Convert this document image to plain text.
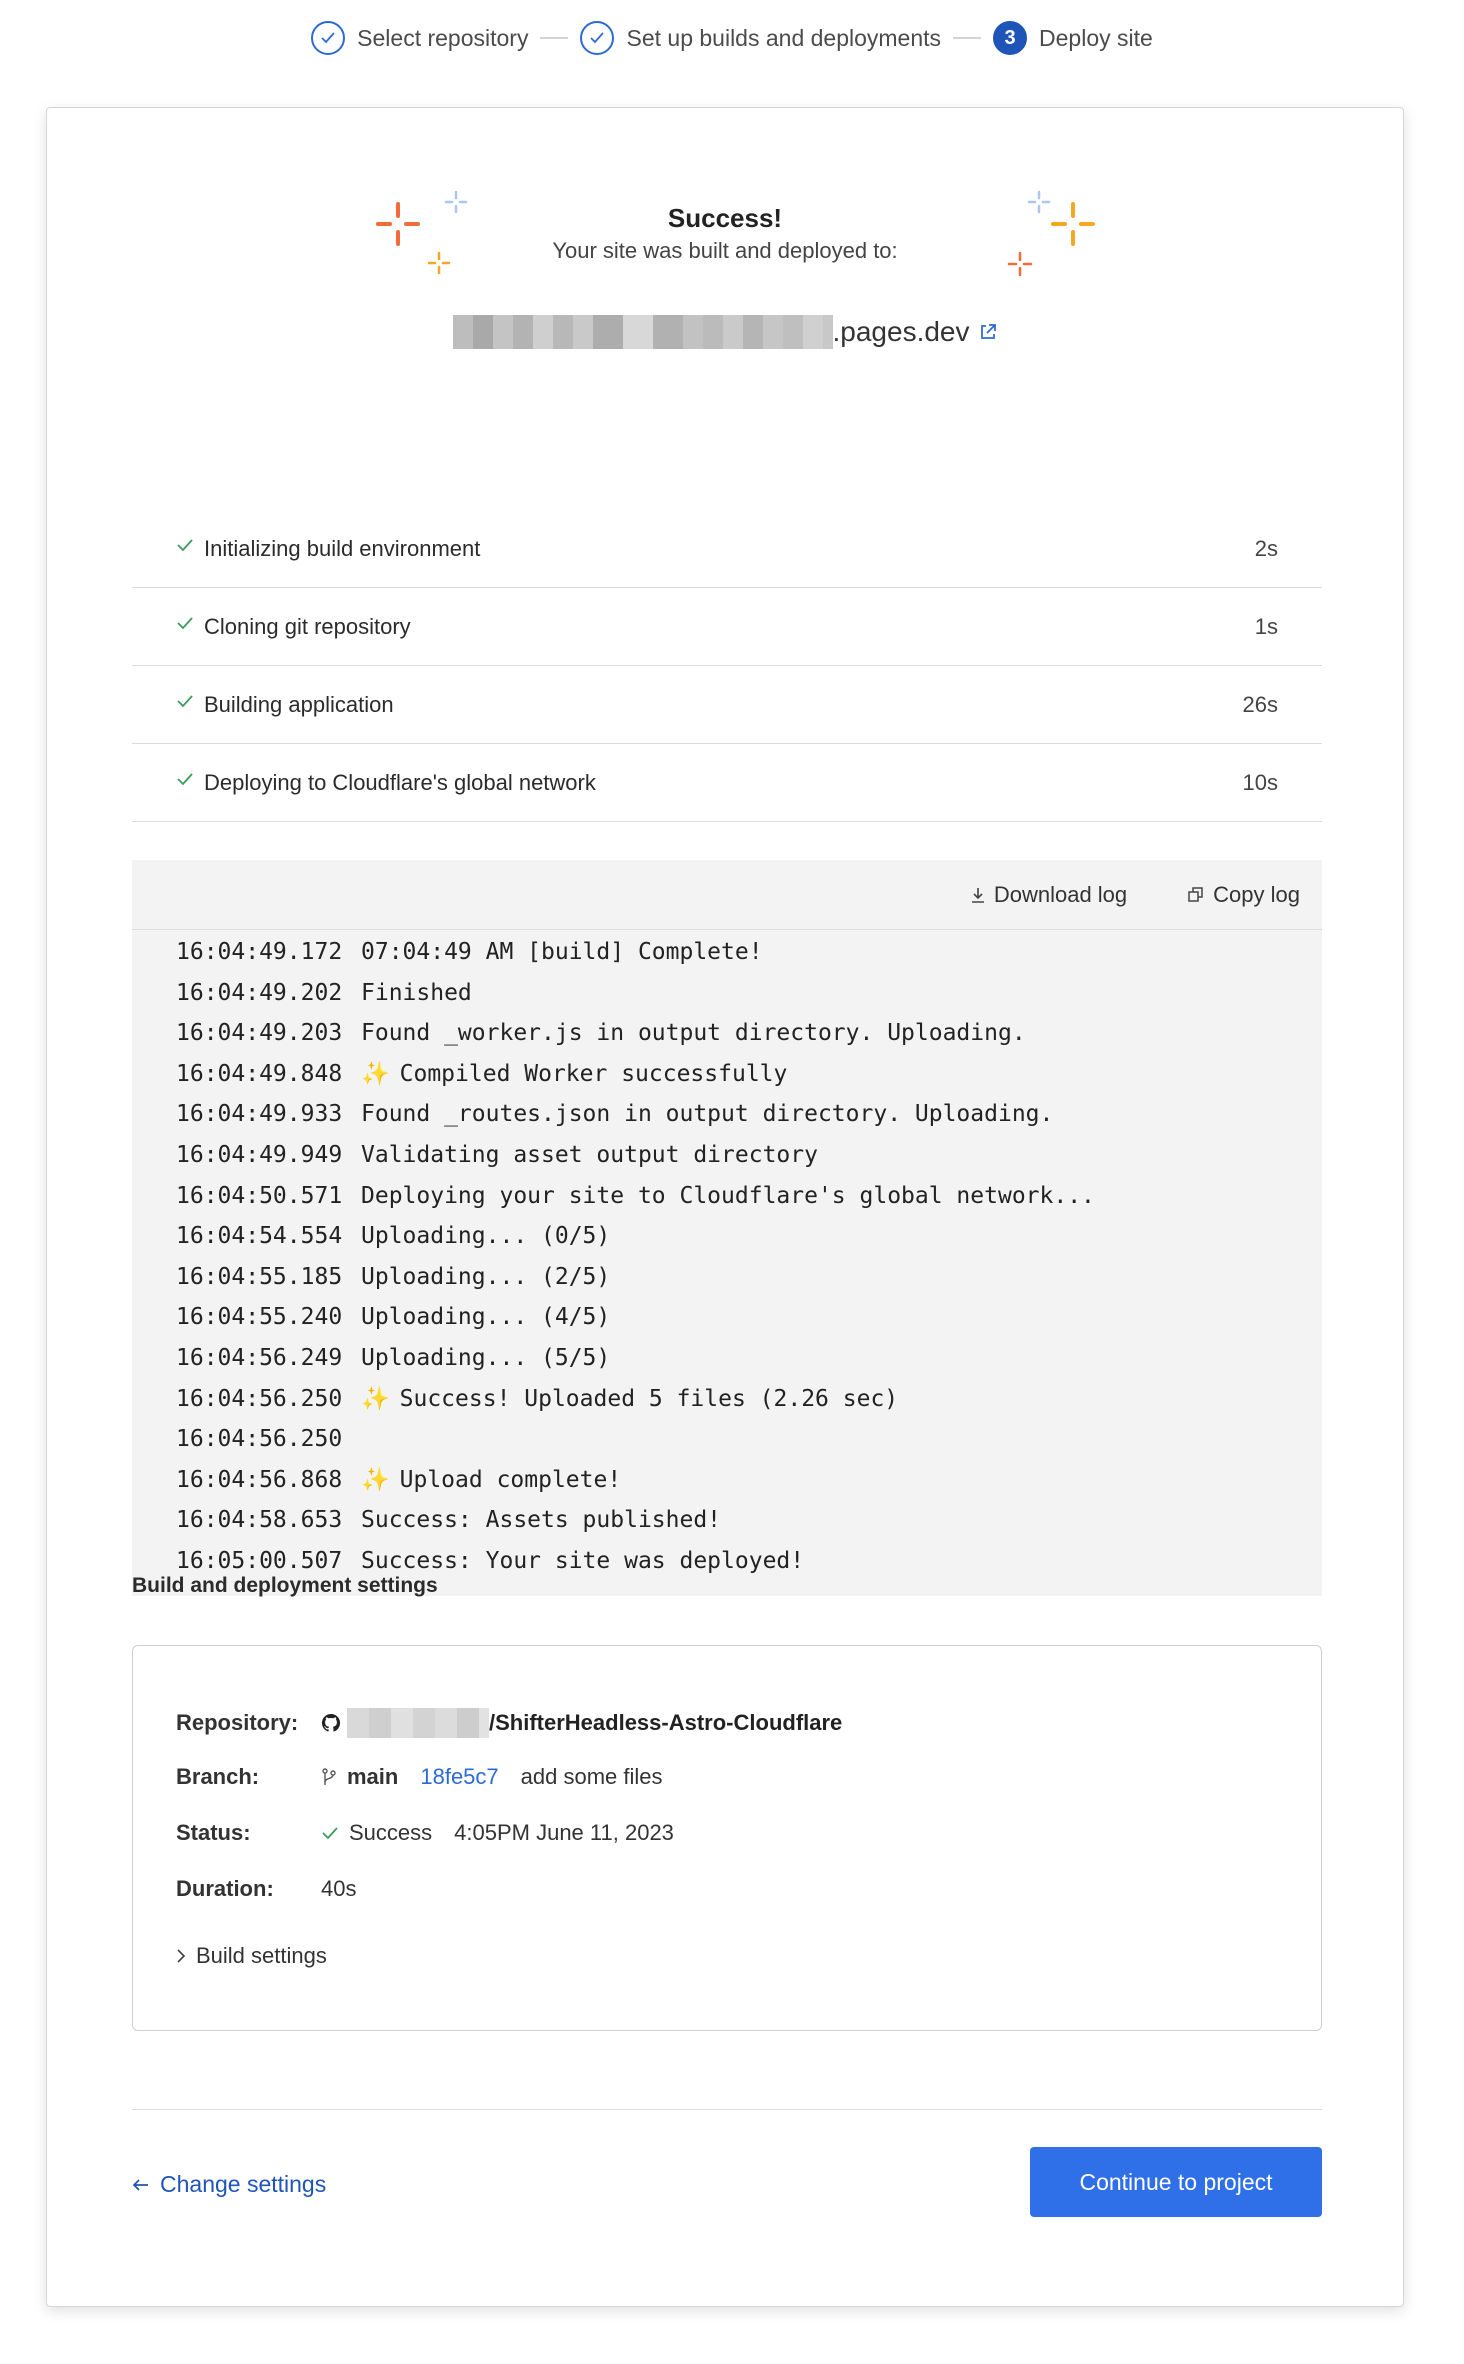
Select repository	Set up builds and deployments	3	Deploy site
Success!
Your site was built and deployed to:
.pages.dev
Initializing build environment	2s
Cloning git repository	1s
Building application	26s
Deploying to Cloudflare's global network	10s
Download log	Copy log
16:04:49.172 07:04:49 AM [build] Complete!
16:04:49.202 Finished
16:04:49.203 Found _worker.js in output directory. Uploading.
16:04:49.848 ✨ Compiled Worker successfully
16:04:49.933 Found _routes.json in output directory. Uploading.
16:04:49.949 Validating asset output directory
16:04:50.571 Deploying your site to Cloudflare's global network...
16:04:54.554 Uploading... (0/5)
16:04:55.185 Uploading... (2/5)
16:04:55.240 Uploading... (4/5)
16:04:56.249 Uploading... (5/5)
16:04:56.250 ✨ Success! Uploaded 5 files (2.26 sec)
16:04:56.250
16:04:56.868 ✨ Upload complete!
16:04:58.653 Success: Assets published!
16:05:00.507 Success: Your site was deployed!
Build and deployment settings
Repository:	/ShifterHeadless-Astro-Cloudflare
Branch:	main 18fe5c7 add some files
Status:	Success 4:05PM June 11, 2023
Duration:	40s
Build settings
Change settings	Continue to project
